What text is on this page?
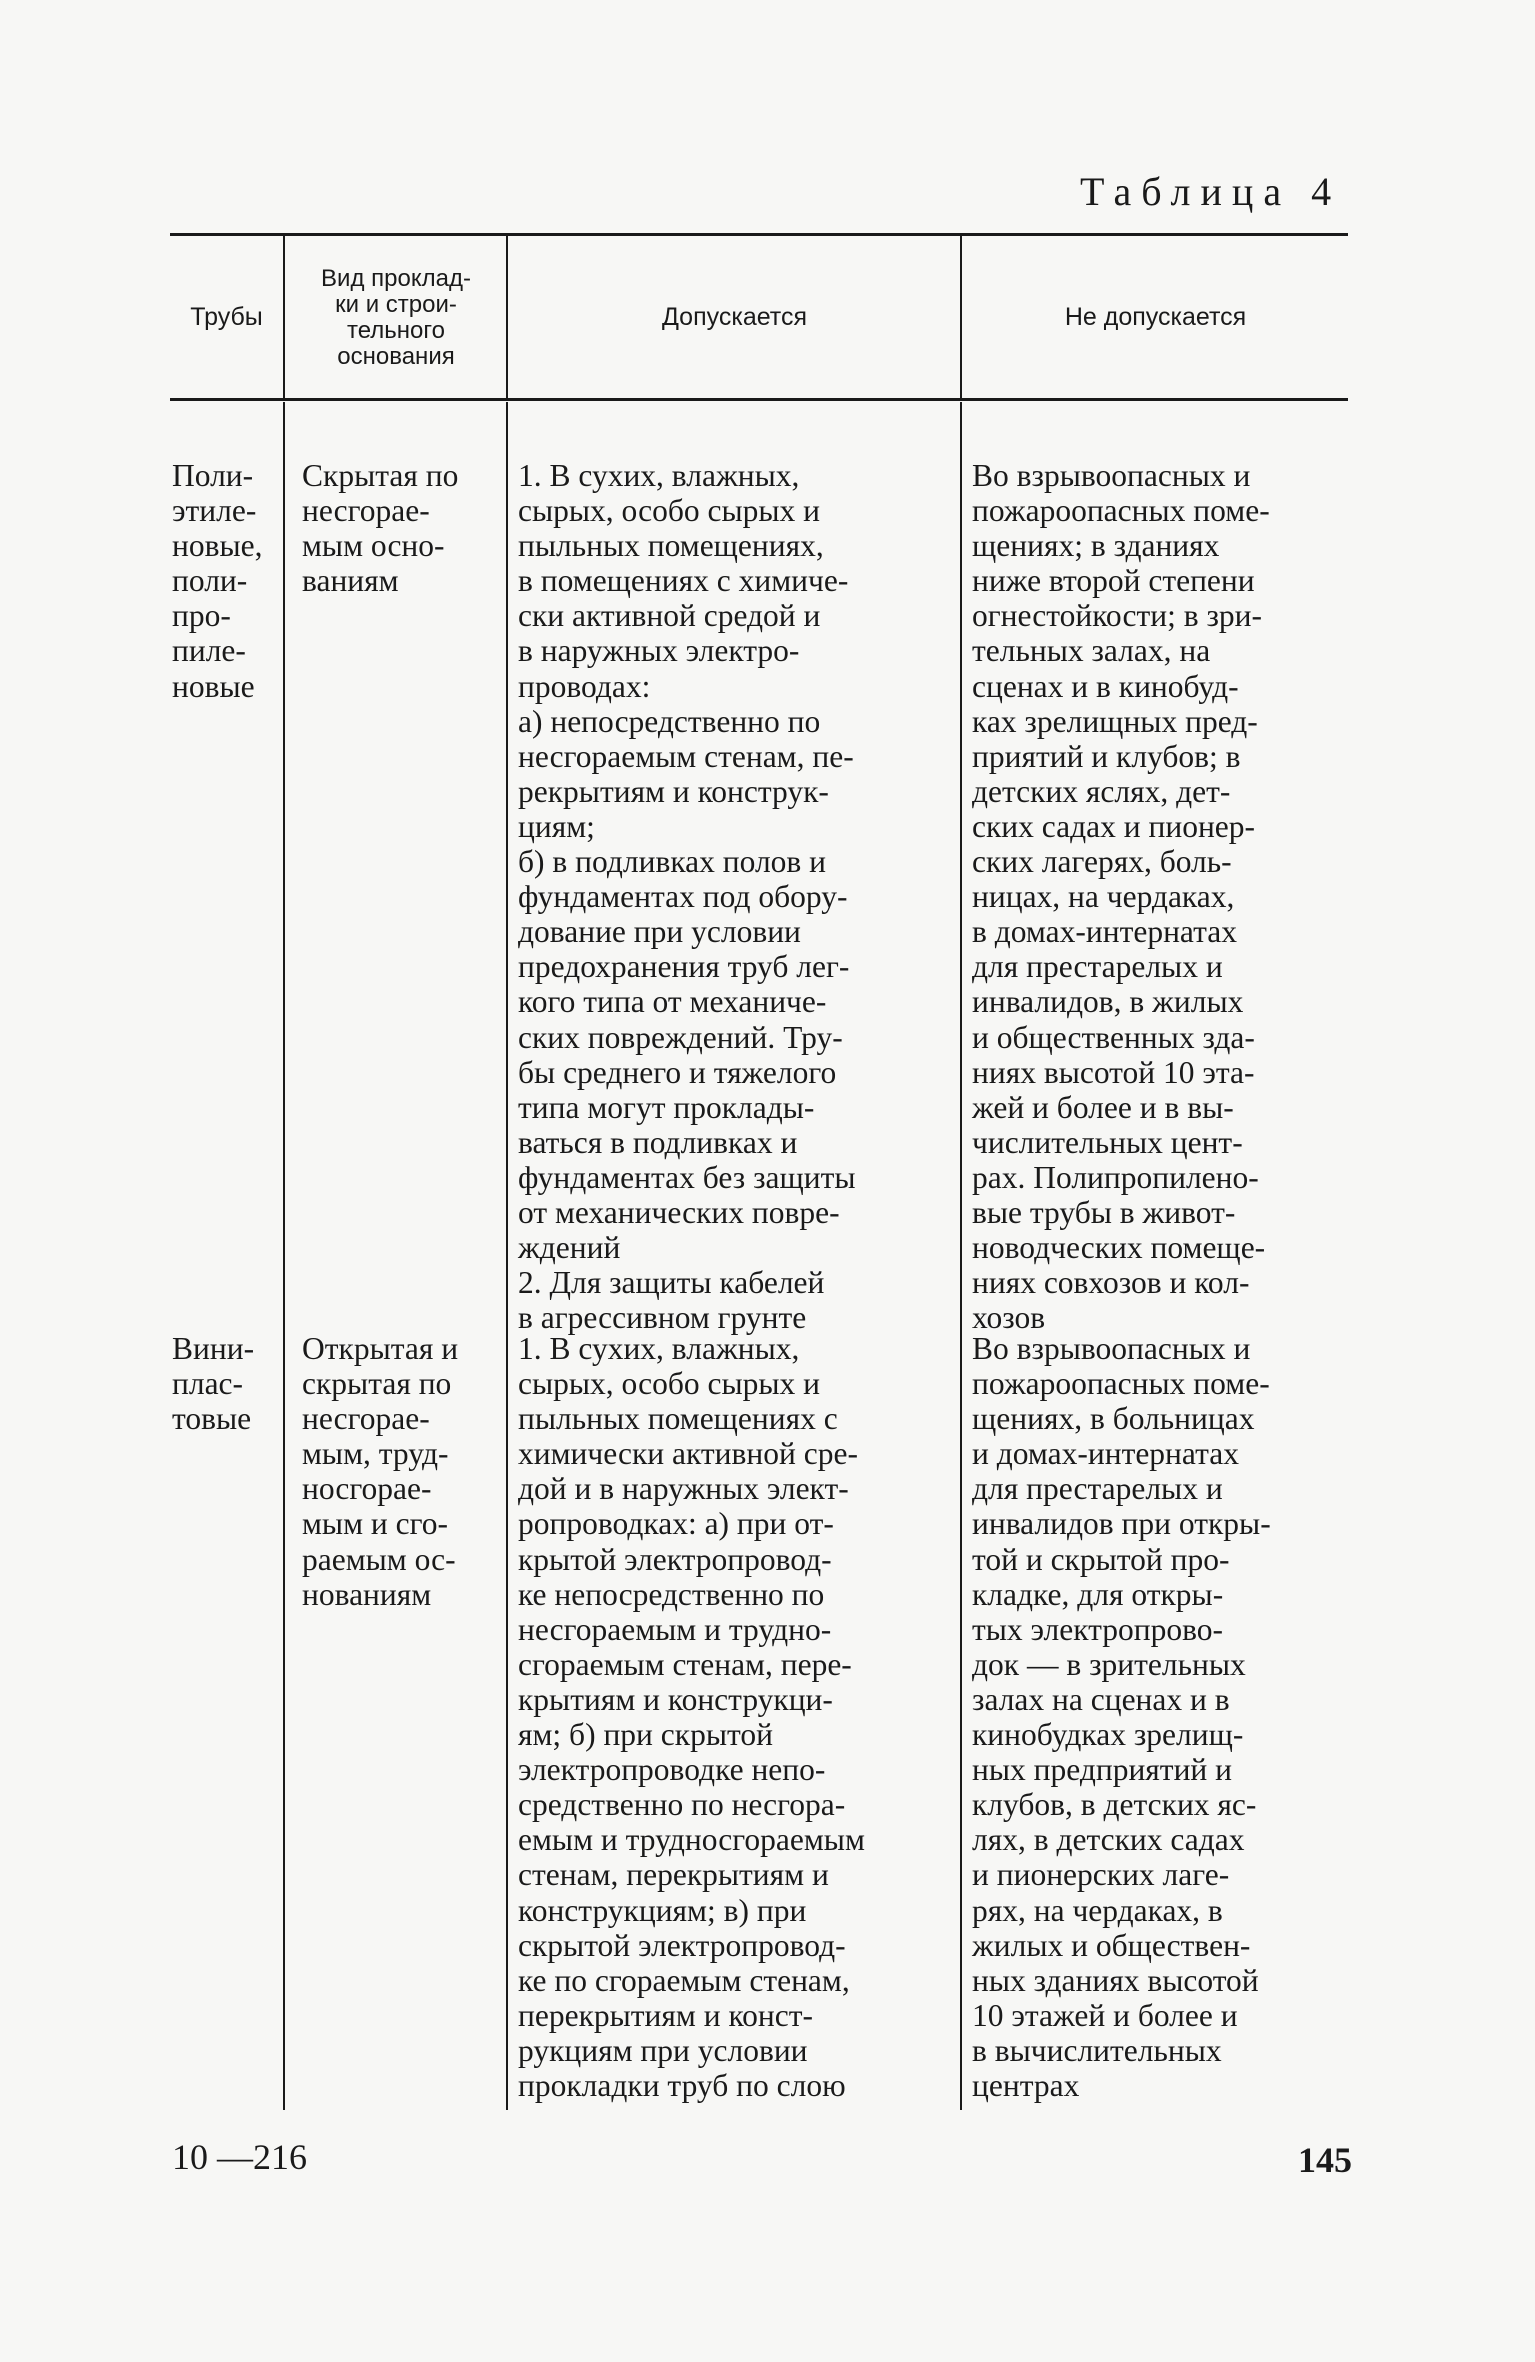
Таблица 4
Трубы
Вид проклад-
ки и строи-
тельного
основания
Допускается	Не допускается
Поли-
этиле-
новые,
поли-
про-
пиле-
новые
Скрытая по
несгорае-
мым осно-
ваниям
1. В сухих, влажных,
сырых, особо сырых и
пыльных помещениях,
в помещениях с химиче-
ски активной средой и
в наружных электро-
проводах:
а) непосредственно по
несгораемым стенам, пе-
рекрытиям и конструк-
циям;
б) в подливках полов и
фундаментах под обору-
дование при условии
предохранения труб лег-
кого типа от механиче-
ских повреждений. Тру-
бы среднего и тяжелого
типа могут проклады-
ваться в подливках и
фундаментах без защиты
от механических повре-
ждений
2. Для защиты кабелей
в агрессивном грунте
Во взрывоопасных и
пожароопасных поме-
щениях; в зданиях
ниже второй степени
огнестойкости; в зри-
тельных залах, на
сценах и в кинобуд-
ках зрелищных пред-
приятий и клубов; в
детских яслях, дет-
ских садах и пионер-
ских лагерях, боль-
ницах, на чердаках,
в домах-интернатах
для престарелых и
инвалидов, в жилых
и общественных зда-
ниях высотой 10 эта-
жей и более и в вы-
числительных цент-
рах. Полипропилено-
вые трубы в живот-
новодческих помеще-
ниях совхозов и кол-
хозов
Вини-
плас-
товые
Открытая и
скрытая по
несгорае-
мым, труд-
носгорае-
мым и сго-
раемым ос-
нованиям
1. В сухих, влажных,
сырых, особо сырых и
пыльных помещениях с
химически активной сре-
дой и в наружных элект-
ропроводках: а) при от-
крытой электропровод-
ке непосредственно по
несгораемым и трудно-
сгораемым стенам, пере-
крытиям и конструкци-
ям; б) при скрытой
электропроводке непо-
средственно по несгора-
емым и трудносгораемым
стенам, перекрытиям и
конструкциям; в) при
скрытой электропровод-
ке по сгораемым стенам,
перекрытиям и конст-
рукциям при условии
прокладки труб по слою
Во взрывоопасных и
пожароопасных поме-
щениях, в больницах
и домах-интернатах
для престарелых и
инвалидов при откры-
той и скрытой про-
кладке, для откры-
тых электропрово-
док — в зрительных
залах на сценах и в
кинобудках зрелищ-
ных предприятий и
клубов, в детских яс-
лях, в детских садах
и пионерских лаге-
рях, на чердаках, в
жилых и обществен-
ных зданиях высотой
10 этажей и более и
в вычислительных
центрах
10 —216	145
